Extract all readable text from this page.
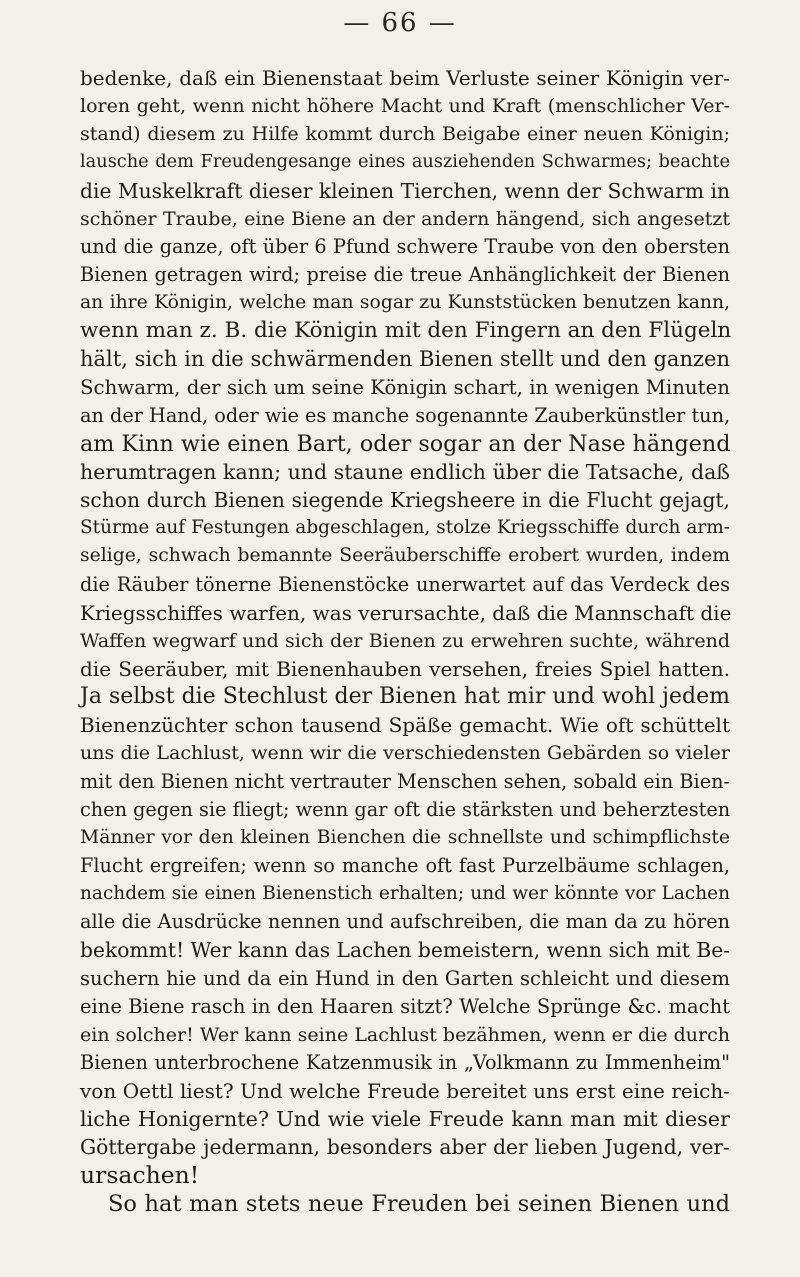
— 66 —
bedenke, daß ein Bienenstaat beim Verluste seiner Königin ver-
loren geht, wenn nicht höhere Macht und Kraft (menschlicher Ver-
stand) diesem zu Hilfe kommt durch Beigabe einer neuen Königin;
lausche dem Freudengesange eines ausziehenden Schwarmes; beachte
die Muskelkraft dieser kleinen Tierchen, wenn der Schwarm in
schöner Traube, eine Biene an der andern hängend, sich angesetzt
und die ganze, oft über 6 Pfund schwere Traube von den obersten
Bienen getragen wird; preise die treue Anhänglichkeit der Bienen
an ihre Königin, welche man sogar zu Kunststücken benutzen kann,
wenn man z. B. die Königin mit den Fingern an den Flügeln
hält, sich in die schwärmenden Bienen stellt und den ganzen
Schwarm, der sich um seine Königin schart, in wenigen Minuten
an der Hand, oder wie es manche sogenannte Zauberkünstler tun,
am Kinn wie einen Bart, oder sogar an der Nase hängend
herumtragen kann; und staune endlich über die Tatsache, daß
schon durch Bienen siegende Kriegsheere in die Flucht gejagt,
Stürme auf Festungen abgeschlagen, stolze Kriegsschiffe durch arm-
selige, schwach bemannte Seeräuberschiffe erobert wurden, indem
die Räuber tönerne Bienenstöcke unerwartet auf das Verdeck des
Kriegsschiffes warfen, was verursachte, daß die Mannschaft die
Waffen wegwarf und sich der Bienen zu erwehren suchte, während
die Seeräuber, mit Bienenhauben versehen, freies Spiel hatten.
Ja selbst die Stechlust der Bienen hat mir und wohl jedem
Bienenzüchter schon tausend Späße gemacht. Wie oft schüttelt
uns die Lachlust, wenn wir die verschiedensten Gebärden so vieler
mit den Bienen nicht vertrauter Menschen sehen, sobald ein Bien-
chen gegen sie fliegt; wenn gar oft die stärksten und beherztesten
Männer vor den kleinen Bienchen die schnellste und schimpflichste
Flucht ergreifen; wenn so manche oft fast Purzelbäume schlagen,
nachdem sie einen Bienenstich erhalten; und wer könnte vor Lachen
alle die Ausdrücke nennen und aufschreiben, die man da zu hören
bekommt! Wer kann das Lachen bemeistern, wenn sich mit Be-
suchern hie und da ein Hund in den Garten schleicht und diesem
eine Biene rasch in den Haaren sitzt? Welche Sprünge &c. macht
ein solcher! Wer kann seine Lachlust bezähmen, wenn er die durch
Bienen unterbrochene Katzenmusik in „Volkmann zu Immenheim"
von Oettl liest? Und welche Freude bereitet uns erst eine reich-
liche Honigernte? Und wie viele Freude kann man mit dieser
Göttergabe jedermann, besonders aber der lieben Jugend, ver-
ursachen!
So hat man stets neue Freuden bei seinen Bienen und
